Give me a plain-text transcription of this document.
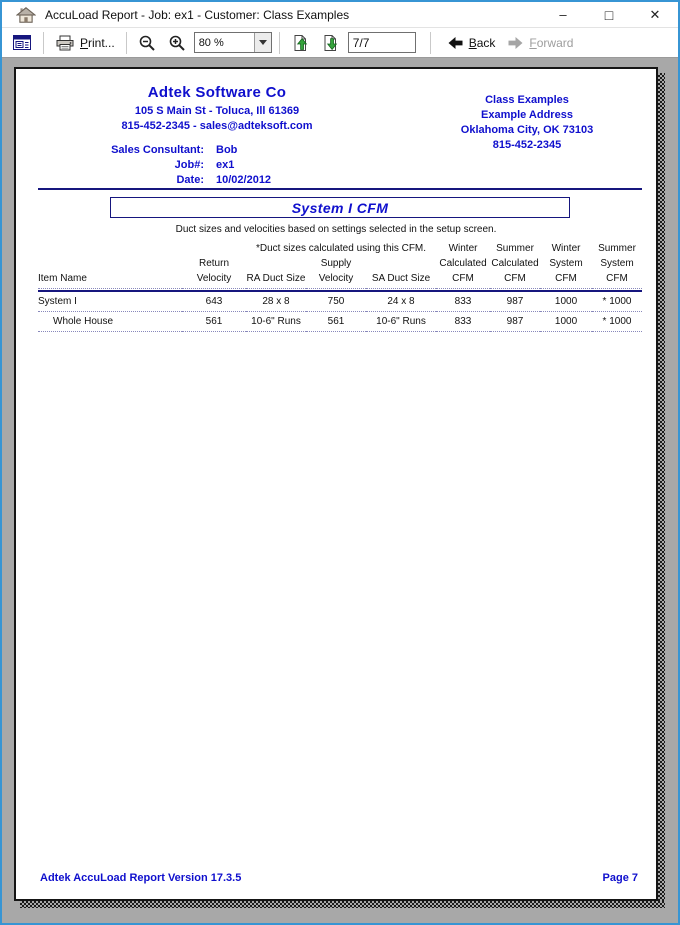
AccuLoad Report - Job: ex1 - Customer: Class Examples	–	□	✕
Print...	80 %
7/7	Back	Forward
Adtek Software Co
105 S Main St - Toluca, Ill 61369
815-452-2345 - sales@adteksoft.com
Class Examples
Example Address
Oklahoma City, OK 73103
815-452-2345
Sales Consultant: Bob
Job#: ex1
Date: 10/02/2012
System I CFM
Duct sizes and velocities based on settings selected in the setup screen.
		*Duct sizes calculated using this CFM.			Winter	Summer	Winter	Summer
	Return		Supply		Calculated	Calculated	System	System
Item Name	Velocity	RA Duct Size	Velocity	SA Duct Size	CFM	CFM	CFM	CFM

System I	643	28 x 8	750	24 x 8	833	987	1000	* 1000
Whole House	561	10-6" Runs	561	10-6" Runs	833	987	1000	* 1000
Adtek AccuLoad Report Version 17.3.5	Page 7
